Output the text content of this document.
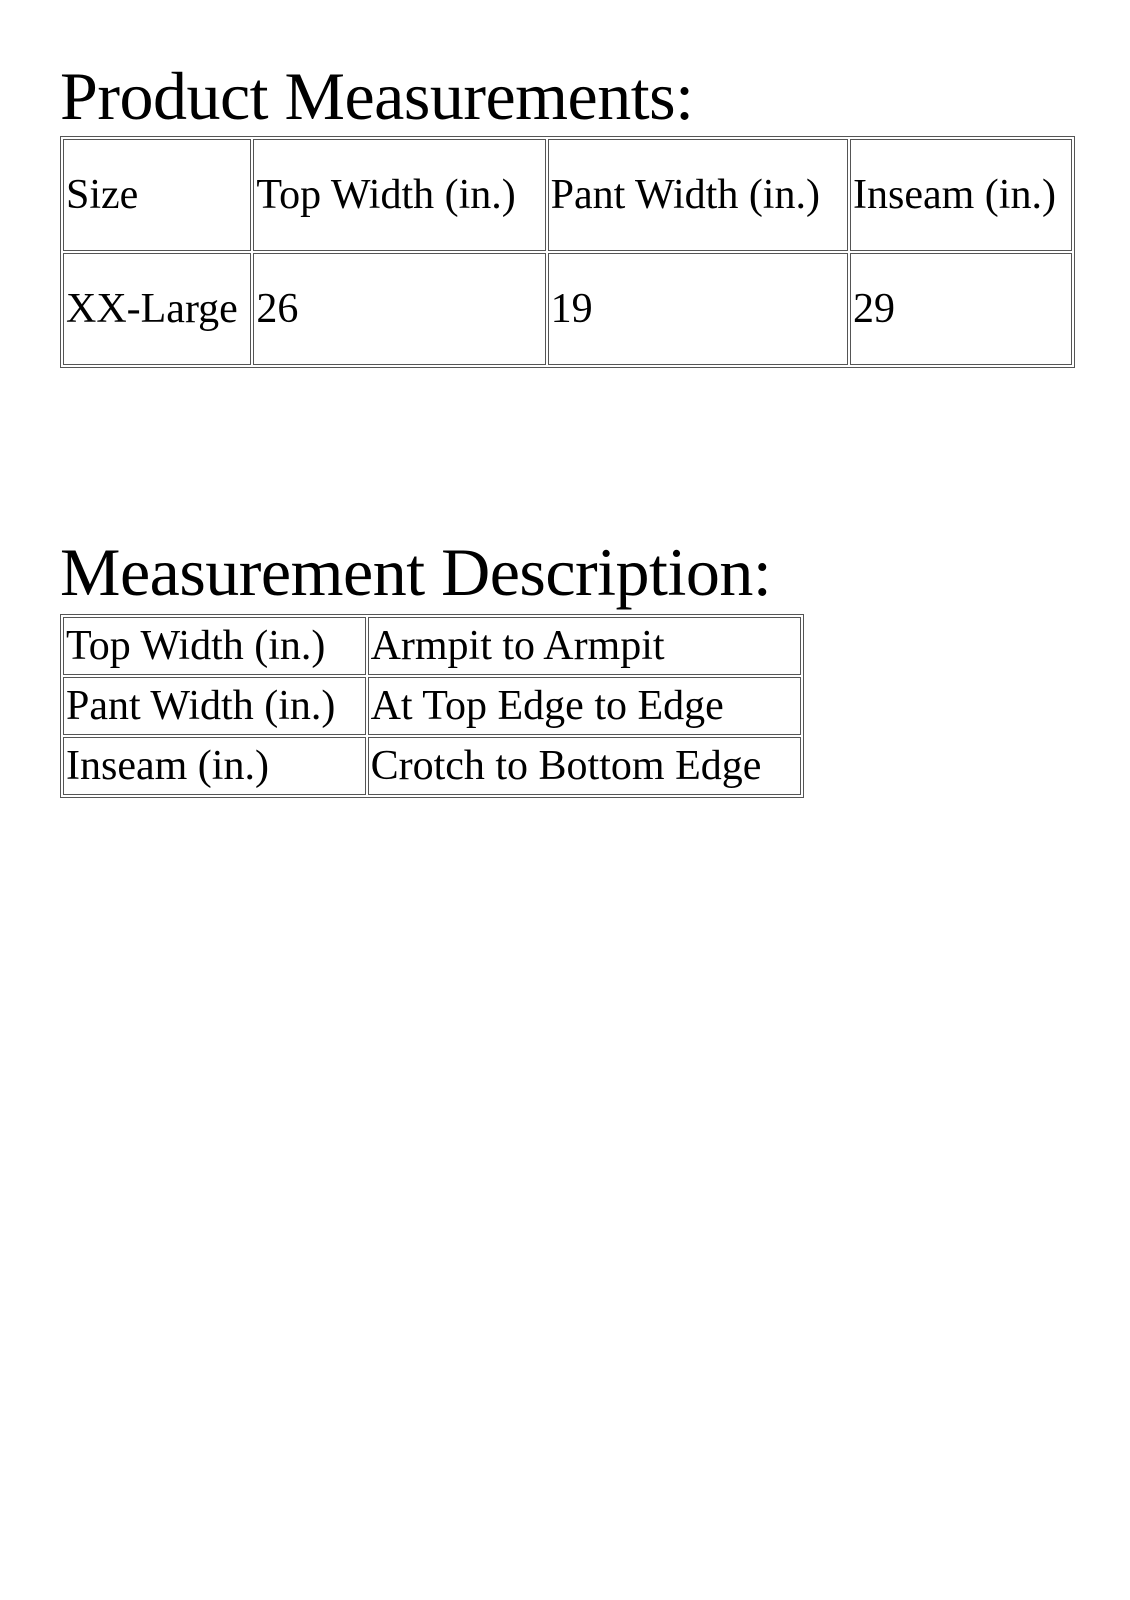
Product Measurements:
Size	Top Width (in.)	Pant Width (in.)	Inseam (in.)
XX-Large	26	19	29
Measurement Description:
Top Width (in.)	Armpit to Armpit
Pant Width (in.)	At Top Edge to Edge
Inseam (in.)	Crotch to Bottom Edge
